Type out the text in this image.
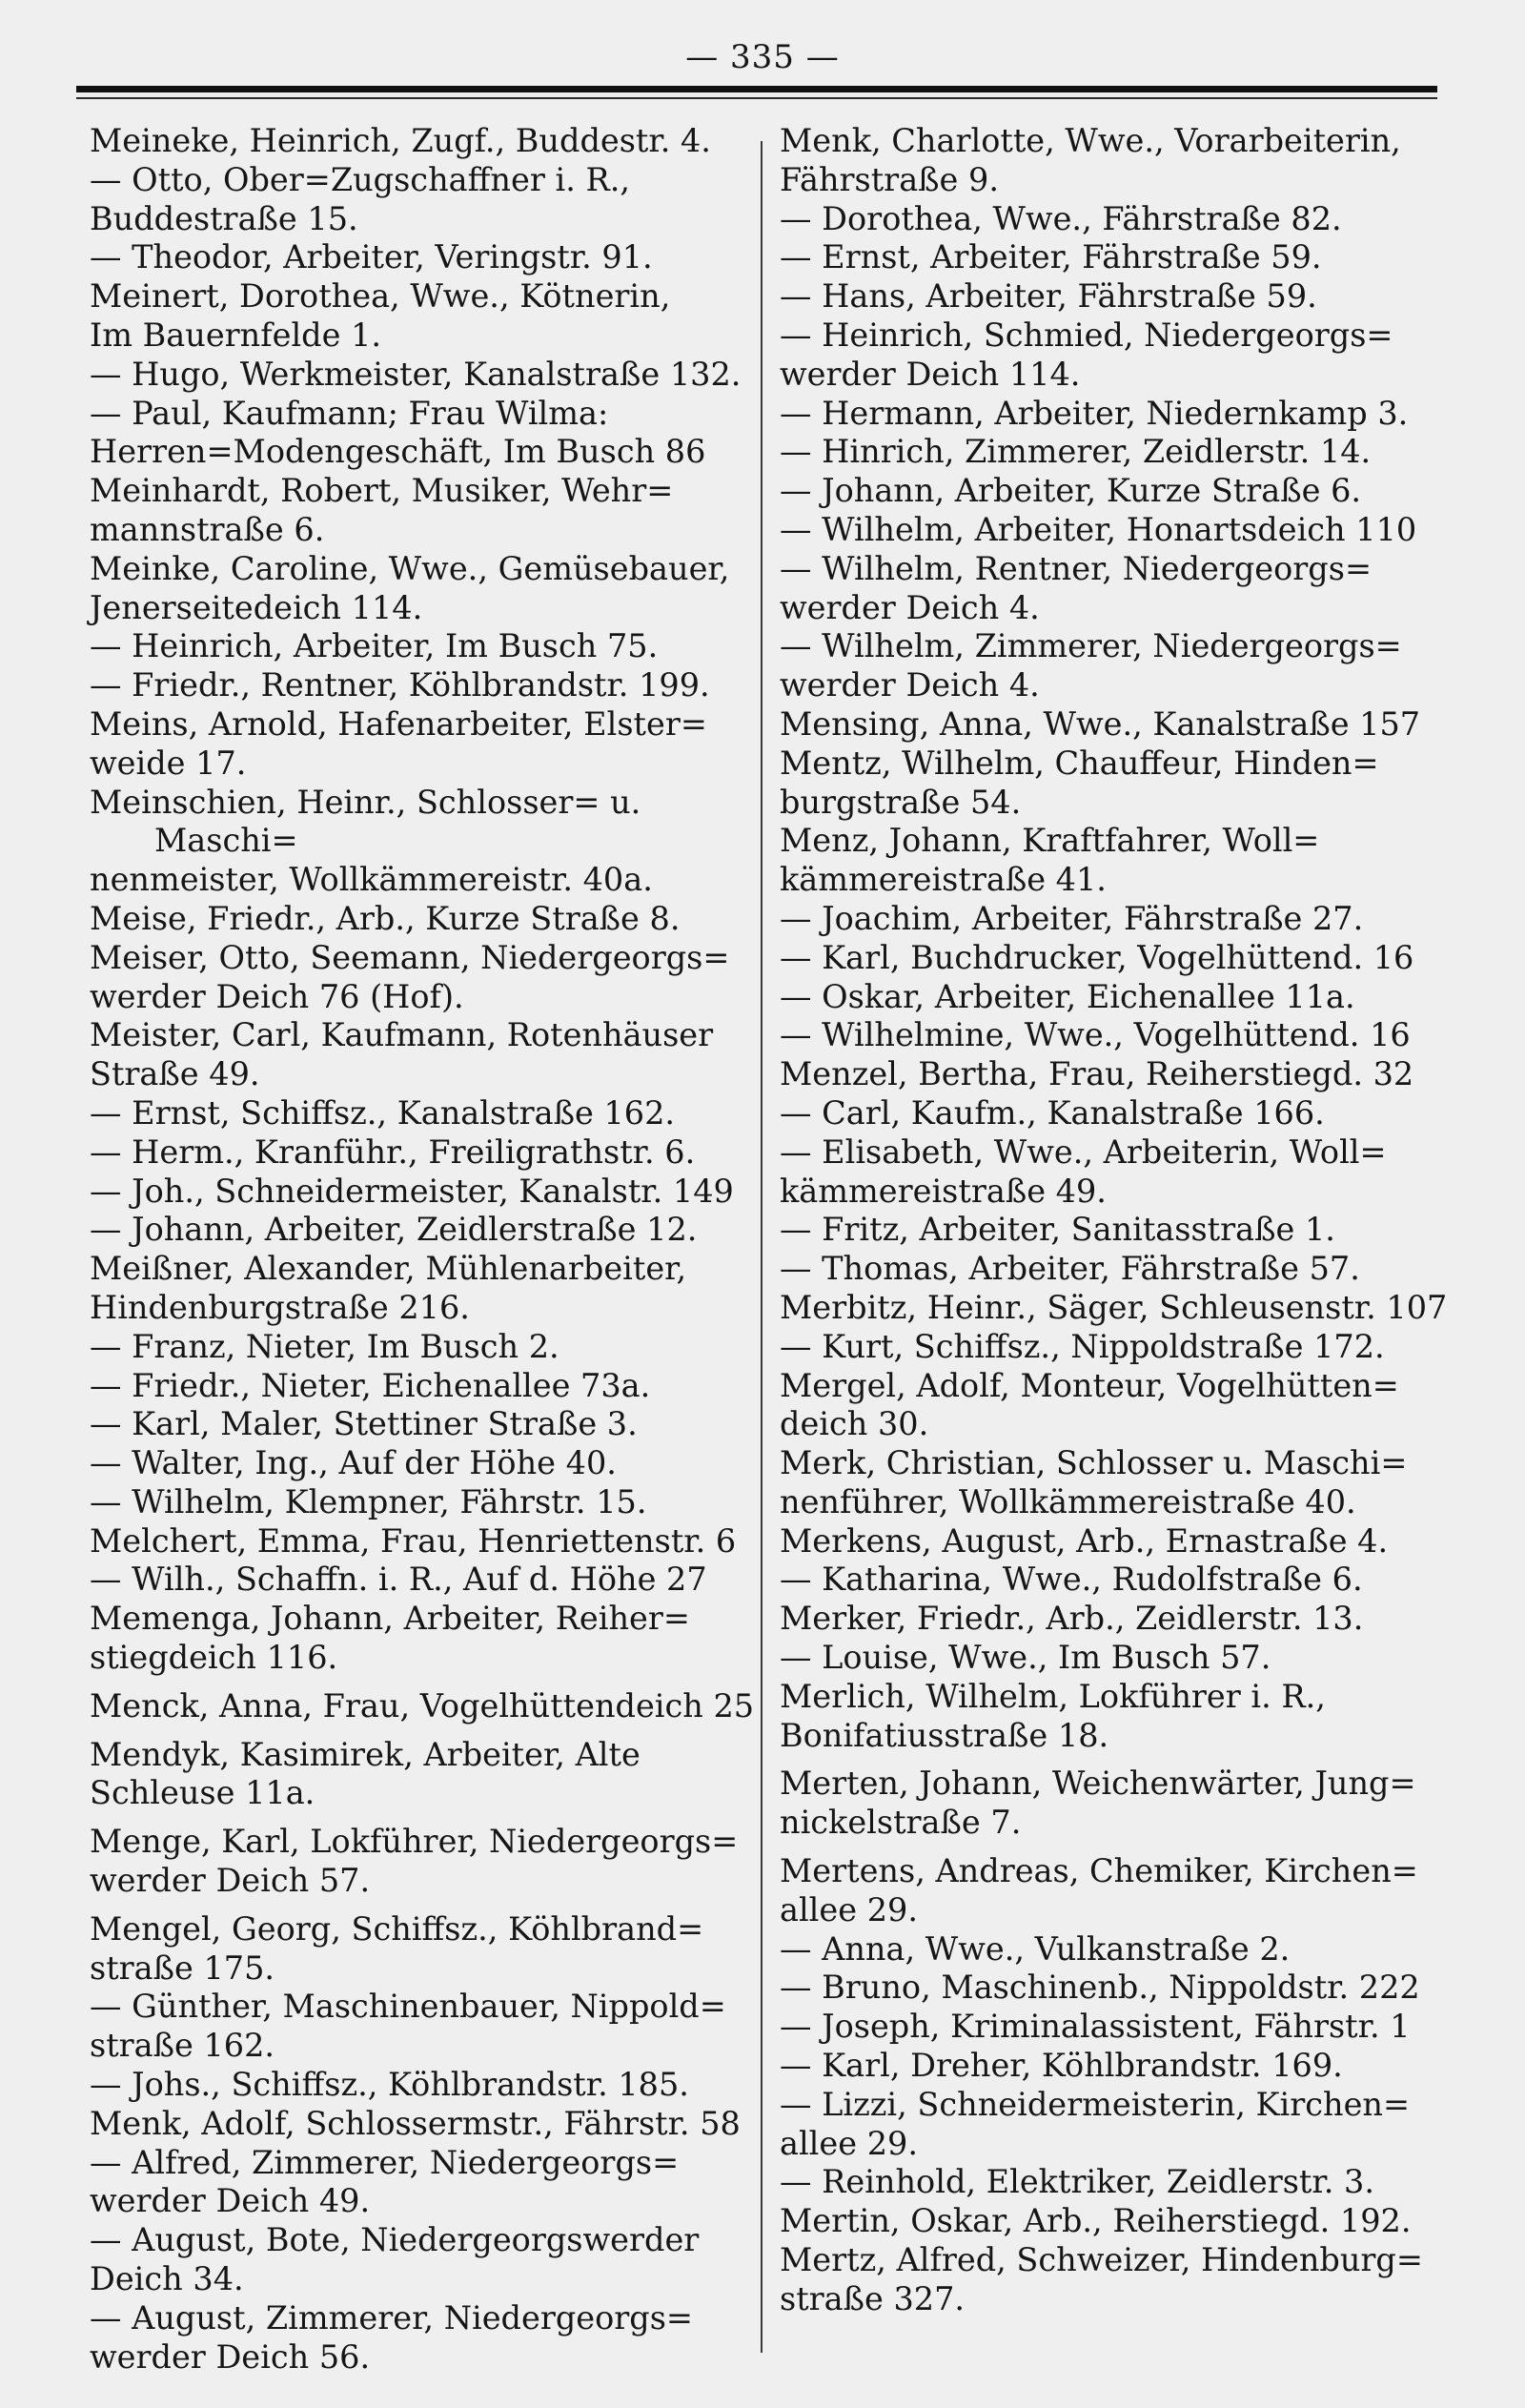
— 335 —
Meineke, Heinrich, Zugf., Buddestr. 4.
— Otto, Ober=Zugschaffner i. R.,
Buddestraße 15.
— Theodor, Arbeiter, Veringstr. 91.
Meinert, Dorothea, Wwe., Kötnerin,
Im Bauernfelde 1.
— Hugo, Werkmeister, Kanalstraße 132.
— Paul, Kaufmann; Frau Wilma:
Herren=Modengeschäft, Im Busch 86
Meinhardt, Robert, Musiker, Wehr=
mannstraße 6.
Meinke, Caroline, Wwe., Gemüsebauer,
Jenerseitedeich 114.
— Heinrich, Arbeiter, Im Busch 75.
— Friedr., Rentner, Köhlbrandstr. 199.
Meins, Arnold, Hafenarbeiter, Elster=
weide 17.
Meinschien, Heinr., Schlosser= u. Maschi=
nenmeister, Wollkämmereistr. 40a.
Meise, Friedr., Arb., Kurze Straße 8.
Meiser, Otto, Seemann, Niedergeorgs=
werder Deich 76 (Hof).
Meister, Carl, Kaufmann, Rotenhäuser
Straße 49.
— Ernst, Schiffsz., Kanalstraße 162.
— Herm., Kranführ., Freiligrathstr. 6.
— Joh., Schneidermeister, Kanalstr. 149
— Johann, Arbeiter, Zeidlerstraße 12.
Meißner, Alexander, Mühlenarbeiter,
Hindenburgstraße 216.
— Franz, Nieter, Im Busch 2.
— Friedr., Nieter, Eichenallee 73a.
— Karl, Maler, Stettiner Straße 3.
— Walter, Ing., Auf der Höhe 40.
— Wilhelm, Klempner, Fährstr. 15.
Melchert, Emma, Frau, Henriettenstr. 6
— Wilh., Schaffn. i. R., Auf d. Höhe 27
Memenga, Johann, Arbeiter, Reiher=
stiegdeich 116.
Menck, Anna, Frau, Vogelhüttendeich 25
Mendyk, Kasimirek, Arbeiter, Alte
Schleuse 11a.
Menge, Karl, Lokführer, Niedergeorgs=
werder Deich 57.
Mengel, Georg, Schiffsz., Köhlbrand=
straße 175.
— Günther, Maschinenbauer, Nippold=
straße 162.
— Johs., Schiffsz., Köhlbrandstr. 185.
Menk, Adolf, Schlossermstr., Fährstr. 58
— Alfred, Zimmerer, Niedergeorgs=
werder Deich 49.
— August, Bote, Niedergeorgswerder
Deich 34.
— August, Zimmerer, Niedergeorgs=
werder Deich 56.
Menk, Charlotte, Wwe., Vorarbeiterin,
Fährstraße 9.
— Dorothea, Wwe., Fährstraße 82.
— Ernst, Arbeiter, Fährstraße 59.
— Hans, Arbeiter, Fährstraße 59.
— Heinrich, Schmied, Niedergeorgs=
werder Deich 114.
— Hermann, Arbeiter, Niedernkamp 3.
— Hinrich, Zimmerer, Zeidlerstr. 14.
— Johann, Arbeiter, Kurze Straße 6.
— Wilhelm, Arbeiter, Honartsdeich 110
— Wilhelm, Rentner, Niedergeorgs=
werder Deich 4.
— Wilhelm, Zimmerer, Niedergeorgs=
werder Deich 4.
Mensing, Anna, Wwe., Kanalstraße 157
Mentz, Wilhelm, Chauffeur, Hinden=
burgstraße 54.
Menz, Johann, Kraftfahrer, Woll=
kämmereistraße 41.
— Joachim, Arbeiter, Fährstraße 27.
— Karl, Buchdrucker, Vogelhüttend. 16
— Oskar, Arbeiter, Eichenallee 11a.
— Wilhelmine, Wwe., Vogelhüttend. 16
Menzel, Bertha, Frau, Reiherstiegd. 32
— Carl, Kaufm., Kanalstraße 166.
— Elisabeth, Wwe., Arbeiterin, Woll=
kämmereistraße 49.
— Fritz, Arbeiter, Sanitasstraße 1.
— Thomas, Arbeiter, Fährstraße 57.
Merbitz, Heinr., Säger, Schleusenstr. 107
— Kurt, Schiffsz., Nippoldstraße 172.
Mergel, Adolf, Monteur, Vogelhütten=
deich 30.
Merk, Christian, Schlosser u. Maschi=
nenführer, Wollkämmereistraße 40.
Merkens, August, Arb., Ernastraße 4.
— Katharina, Wwe., Rudolfstraße 6.
Merker, Friedr., Arb., Zeidlerstr. 13.
— Louise, Wwe., Im Busch 57.
Merlich, Wilhelm, Lokführer i. R.,
Bonifatiusstraße 18.
Merten, Johann, Weichenwärter, Jung=
nickelstraße 7.
Mertens, Andreas, Chemiker, Kirchen=
allee 29.
— Anna, Wwe., Vulkanstraße 2.
— Bruno, Maschinenb., Nippoldstr. 222
— Joseph, Kriminalassistent, Fährstr. 1
— Karl, Dreher, Köhlbrandstr. 169.
— Lizzi, Schneidermeisterin, Kirchen=
allee 29.
— Reinhold, Elektriker, Zeidlerstr. 3.
Mertin, Oskar, Arb., Reiherstiegd. 192.
Mertz, Alfred, Schweizer, Hindenburg=
straße 327.
